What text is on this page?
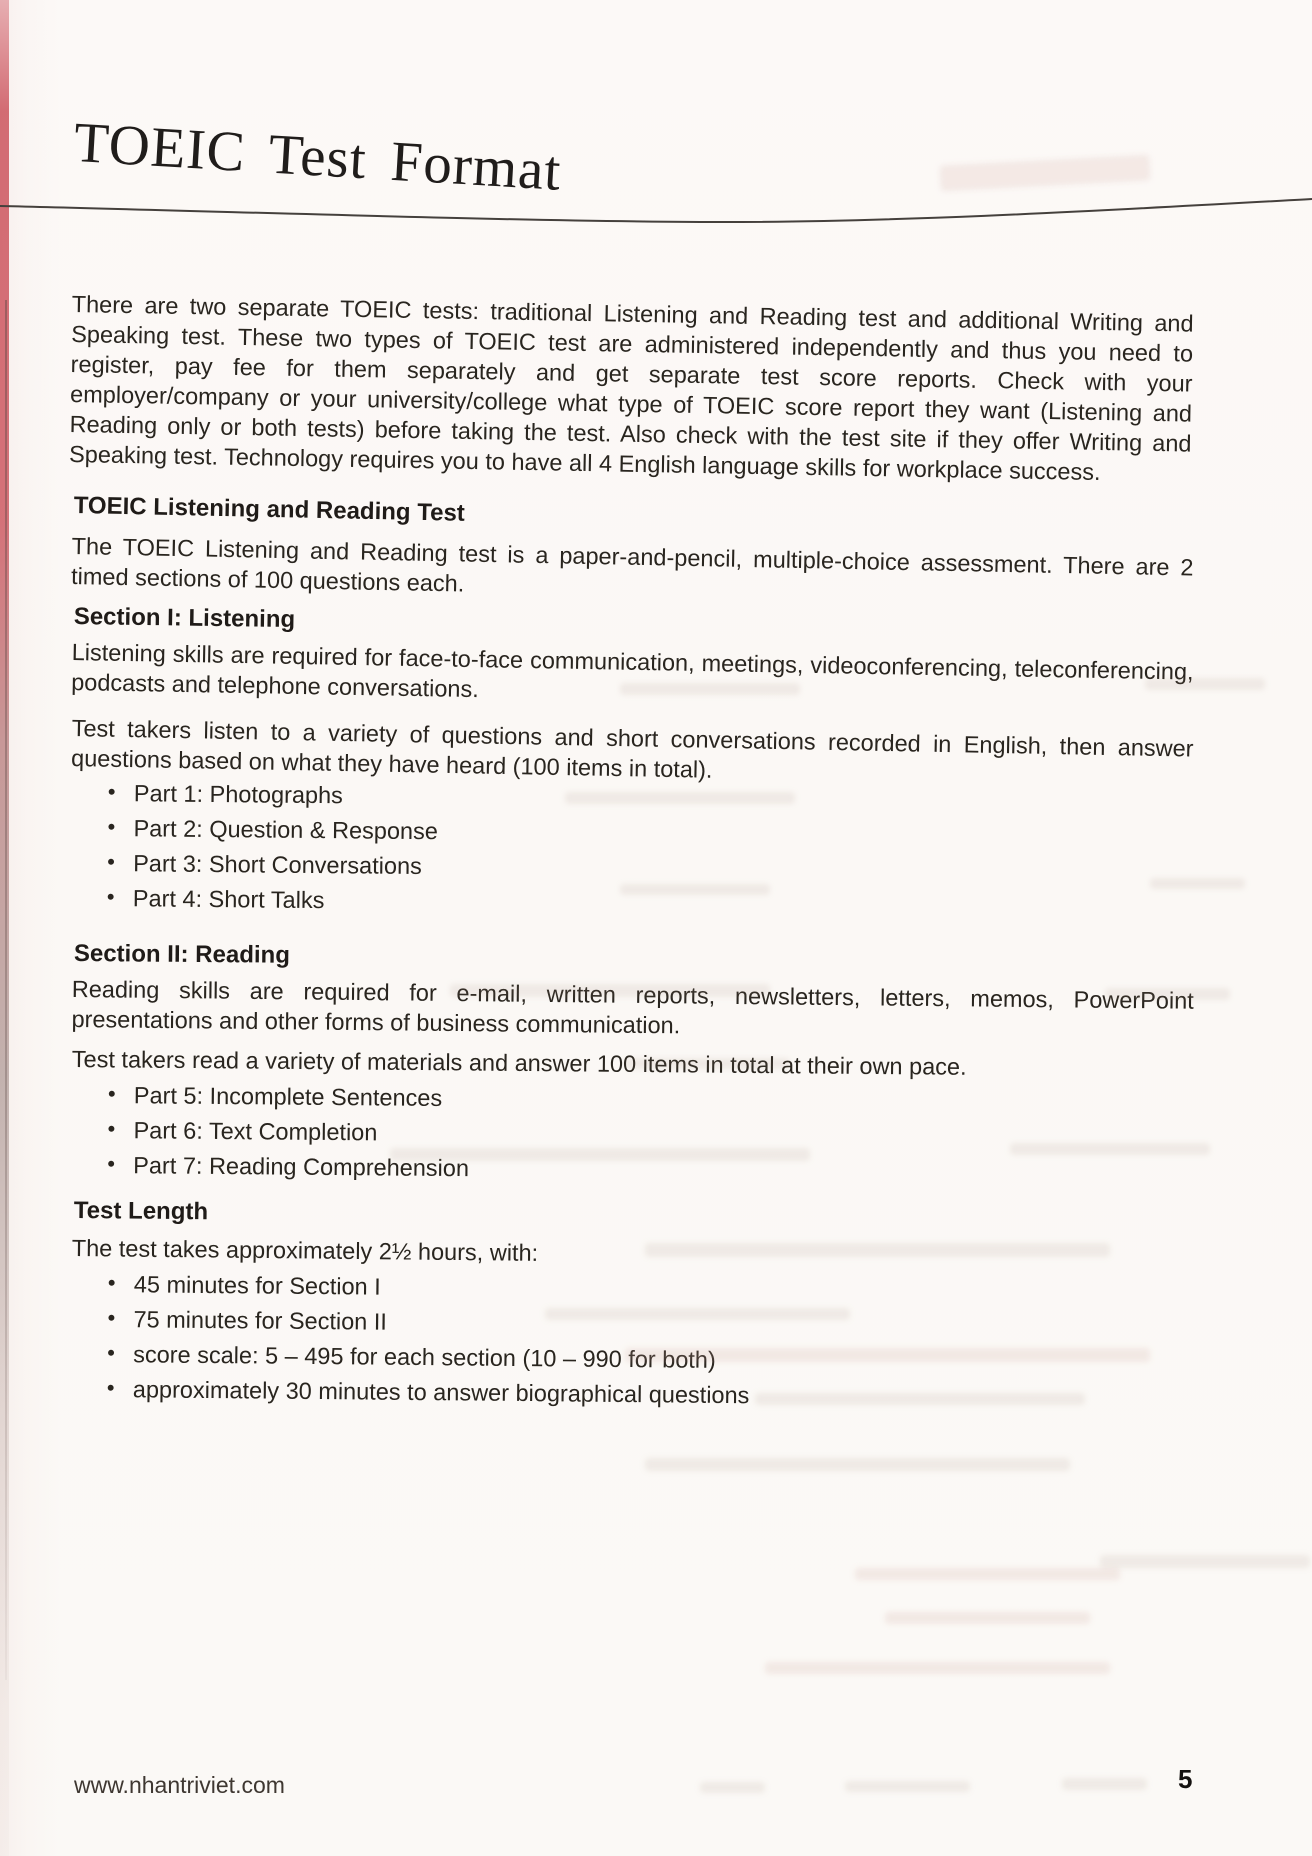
TOEIC Test Format
There are two separate TOEIC tests: traditional Listening and Reading test and additional Writing and Speaking test. These two types of TOEIC test are administered independently and thus you need to register, pay fee for them separately and get separate test score reports. Check with your employer/company or your university/college what type of TOEIC score report they want (Listening and Reading only or both tests) before taking the test. Also check with the test site if they offer Writing and Speaking test. Technology requires you to have all 4 English language skills for workplace success.
TOEIC Listening and Reading Test
The TOEIC Listening and Reading test is a paper-and-pencil, multiple-choice assessment. There are 2 timed sections of 100 questions each.
Section I: Listening
Listening skills are required for face-to-face communication, meetings, videoconferencing, teleconferencing, podcasts and telephone conversations.
Test takers listen to a variety of questions and short conversations recorded in English, then answer questions based on what they have heard (100 items in total).
• Part 1: Photographs
• Part 2: Question & Response
• Part 3: Short Conversations
• Part 4: Short Talks
Section II: Reading
Reading skills are required for e-mail, written reports, newsletters, letters, memos, PowerPoint presentations and other forms of business communication.
Test takers read a variety of materials and answer 100 items in total at their own pace.
• Part 5: Incomplete Sentences
• Part 6: Text Completion
• Part 7: Reading Comprehension
Test Length
The test takes approximately 2½ hours, with:
• 45 minutes for Section I
• 75 minutes for Section II
• score scale: 5 – 495 for each section (10 – 990 for both)
• approximately 30 minutes to answer biographical questions
www.nhantriviet.com	5
